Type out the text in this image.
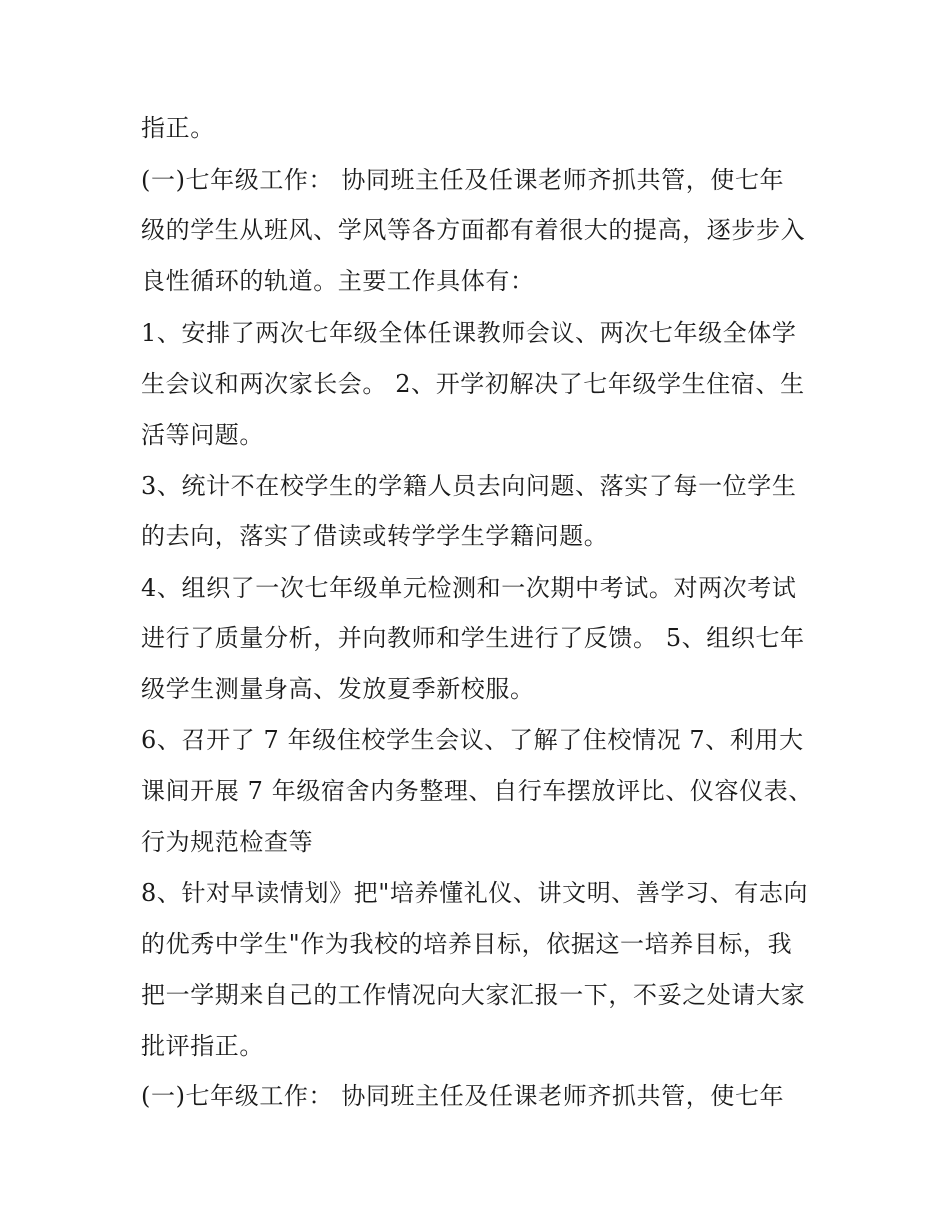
指正。
(一)七年级工作： 协同班主任及任课老师齐抓共管，使七年
级的学生从班风、学风等各方面都有着很大的提高，逐步步入
良性循环的轨道。主要工作具体有：
1、安排了两次七年级全体任课教师会议、两次七年级全体学
生会议和两次家长会。 2、开学初解决了七年级学生住宿、生
活等问题。
3、统计不在校学生的学籍人员去向问题、落实了每一位学生
的去向，落实了借读或转学学生学籍问题。
4、组织了一次七年级单元检测和一次期中考试。对两次考试
进行了质量分析，并向教师和学生进行了反馈。 5、组织七年
级学生测量身高、发放夏季新校服。
6、召开了 7 年级住校学生会议、了解了住校情况 7、利用大
课间开展 7 年级宿舍内务整理、自行车摆放评比、仪容仪表、
行为规范检查等
8、针对早读情划》把"培养懂礼仪、讲文明、善学习、有志向
的优秀中学生"作为我校的培养目标，依据这一培养目标，我
把一学期来自己的工作情况向大家汇报一下，不妥之处请大家
批评指正。
(一)七年级工作： 协同班主任及任课老师齐抓共管，使七年
